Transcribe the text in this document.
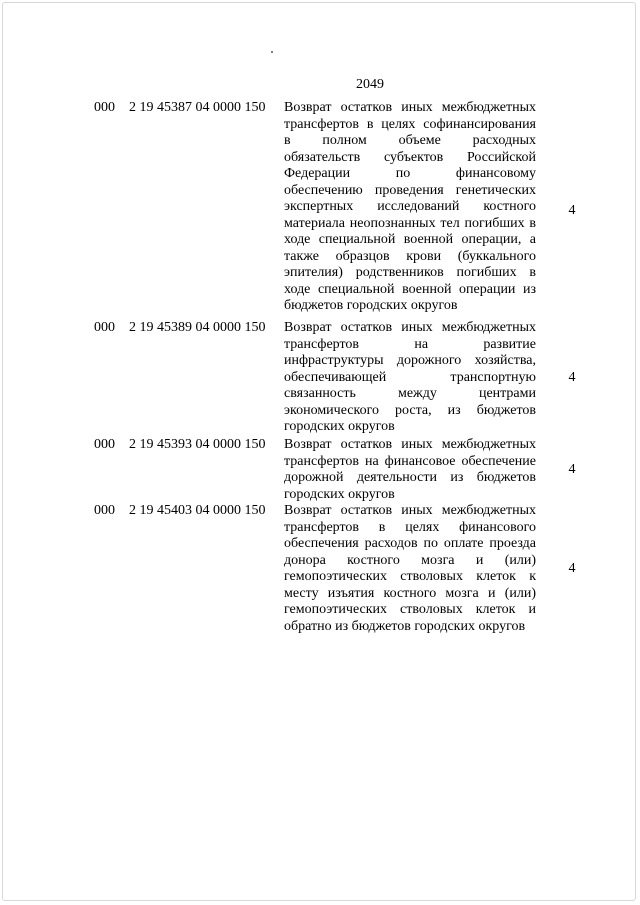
2049
000 2 19 45387 04 0000 150 Возврат остатков иных межбюджетных
трансфертов в целях софинансирования
в полном объеме расходных
обязательств субъектов Российской
Федерации по финансовому
обеспечению проведения генетических
экспертных исследований костного
материала неопознанных тел погибших в
ходе специальной военной операции, а
также образцов крови (буккального
эпителия) родственников погибших в
ходе специальной военной операции из
бюджетов городских округов
4
000 2 19 45389 04 0000 150 Возврат остатков иных межбюджетных
трансфертов на развитие
инфраструктуры дорожного хозяйства,
обеспечивающей транспортную
связанность между центрами
экономического роста, из бюджетов
городских округов
4
000 2 19 45393 04 0000 150 Возврат остатков иных межбюджетных
трансфертов на финансовое обеспечение
дорожной деятельности из бюджетов
городских округов
4
000 2 19 45403 04 0000 150 Возврат остатков иных межбюджетных
трансфертов в целях финансового
обеспечения расходов по оплате проезда
донора костного мозга и (или)
гемопоэтических стволовых клеток к
месту изъятия костного мозга и (или)
гемопоэтических стволовых клеток и
обратно из бюджетов городских округов
4
